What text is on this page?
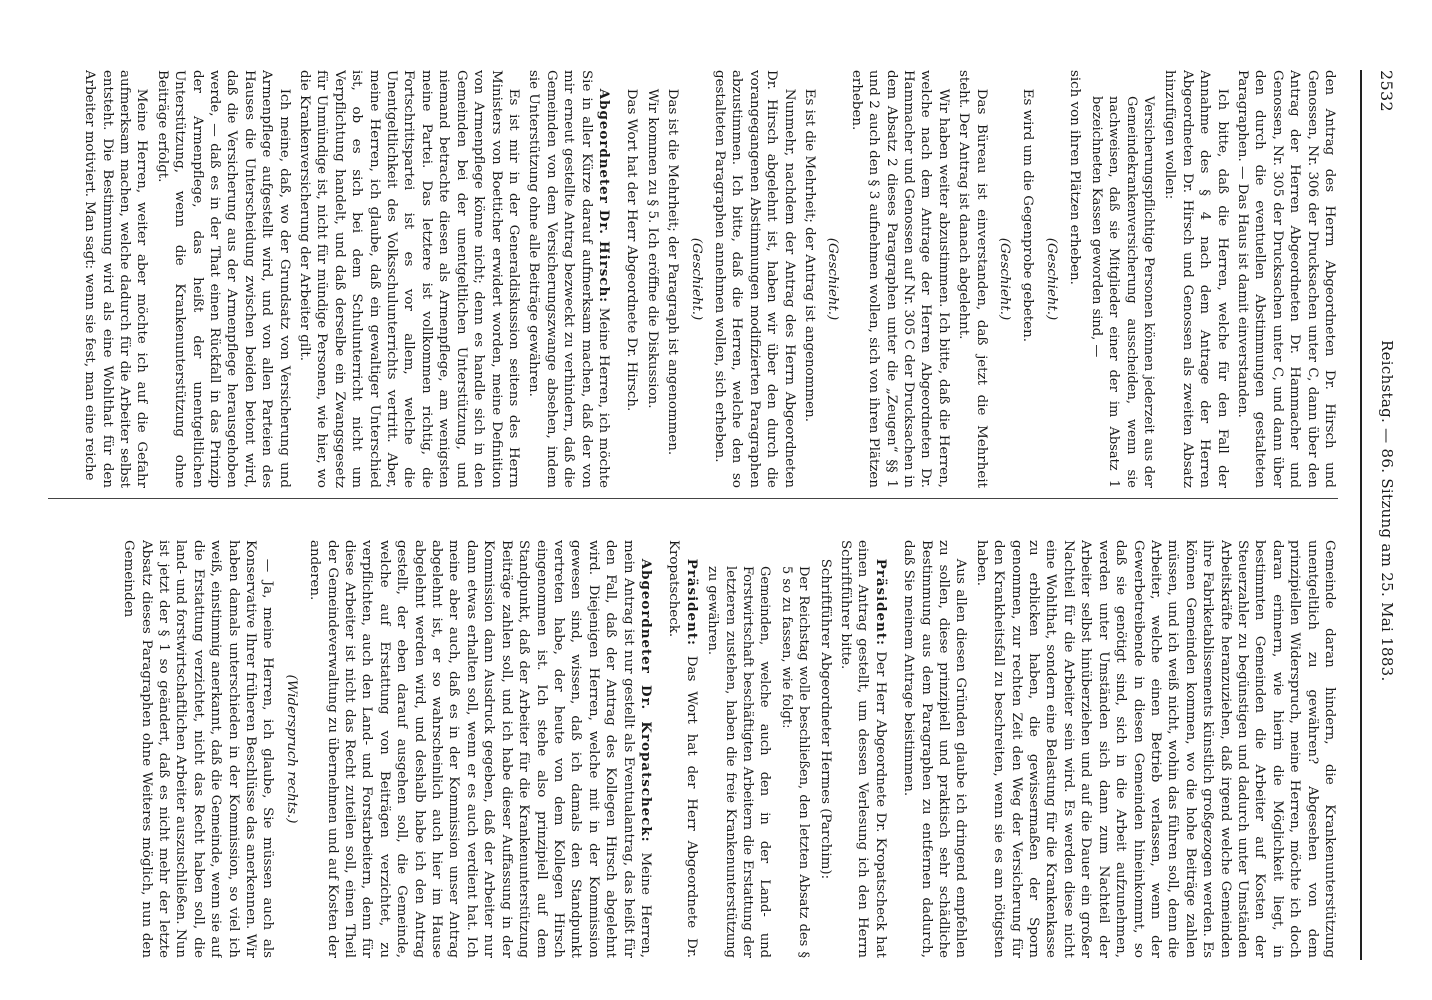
2532
Reichstag. — 86. Sitzung am 25. Mai 1883.

den Antrag des Herrn Abgeordneten Dr. Hirsch und Genossen, Nr. 306 der Drucksachen unter C, dann über den Antrag der Herren Abgeordneten Dr. Hammacher und Genossen, Nr. 305 der Drucksachen unter C, und dann über den durch die eventuellen Abstimmungen gestalteten Paragraphen. — Das Haus ist damit einverstanden.

Ich bitte, daß die Herren, welche für den Fall der Annahme des § 4 nach dem Antrage der Herren Abgeordneten Dr. Hirsch und Genossen als zweiten Absatz hinzufügen wollen:

Versicherungspflichtige Personen können jederzeit aus der Gemeindekrankenversicherung ausscheiden, wenn sie nachweisen, daß sie Mitglieder einer der im Absatz 1 bezeichneten Kassen geworden sind, —

sich von ihren Plätzen erheben.

(Geschieht.)

Es wird um die Gegenprobe gebeten.

(Geschieht.)

Das Büreau ist einverstanden, daß jetzt die Mehrheit steht. Der Antrag ist danach abgelehnt.

Wir haben weiter abzustimmen. Ich bitte, daß die Herren, welche nach dem Antrage der Herren Abgeordneten Dr. Hammacher und Genossen auf Nr. 305 C der Drucksachen in dem Absatz 2 dieses Paragraphen unter die „Zeugen“ §§ 1 und 2 auch den § 3 aufnehmen wollen, sich von ihren Plätzen erheben.

(Geschieht.)

Es ist die Mehrheit; der Antrag ist angenommen.

Nunmehr, nachdem der Antrag des Herrn Abgeordneten Dr. Hirsch abgelehnt ist, haben wir über den durch die vorangegangenen Abstimmungen modifizierten Paragraphen abzustimmen. Ich bitte, daß die Herren, welche den so gestalteten Paragraphen annehmen wollen, sich erheben.

(Geschieht.)

Das ist die Mehrheit; der Paragraph ist angenommen.

Wir kommen zu § 5. Ich eröffne die Diskussion.

Das Wort hat der Herr Abgeordnete Dr. Hirsch.

Abgeordneter Dr. Hirsch: Meine Herren, ich möchte Sie in aller Kürze darauf aufmerksam machen, daß der von mir erneut gestellte Antrag bezweckt zu verhindern, daß die Gemeinden von dem Versicherungszwange absehen, indem sie Unterstützung ohne alle Beiträge gewähren.

Es ist mir in der Generaldiskussion seitens des Herrn Ministers von Boetticher erwidert worden, meine Definition von Armenpflege könne nicht; denn es handle sich in den Gemeinden bei der unentgeltlichen Unterstützung, und niemand betrachte diesen als Armenpflege, am wenigsten meine Partei. Das letztere ist vollkommen richtig, die Fortschrittspartei ist es vor allem, welche die Unentgeltlichkeit des Volksschulunterrichts vertritt. Aber, meine Herren, ich glaube, daß ein gewaltiger Unterschied ist, ob es sich bei dem Schulunterricht nicht um Verpflichtung handelt, und daß derselbe ein Zwangsgesetz für Unmündige ist, nicht für mündige Personen, wie hier, wo die Krankenversicherung der Arbeiter gilt.

Ich meine, daß, wo der Grundsatz von Versicherung und Armenpflege aufgestellt wird, und von allen Parteien des Hauses die Unterscheidung zwischen beiden betont wird, daß die Versicherung aus der Armenpflege herausgehoben werde, — daß es in der That einen Rückfall in das Prinzip der Armenpflege, das heißt der unentgeltlichen Unterstützung, wenn die Krankenunterstützung ohne Beiträge erfolgt.

Meine Herren, weiter aber möchte ich auf die Gefahr aufmerksam machen, welche dadurch für die Arbeiter selbst entsteht. Die Bestimmung wird als eine Wohlthat für den Arbeiter motiviert. Man sagt: wenn sie fest, man eine reiche

Gemeinde daran hindern, die Krankenunterstützung unentgeltlich zu gewähren? Abgesehen von dem prinzipiellen Widerspruch, meine Herren, möchte ich doch daran erinnern, wie hierin die Möglichkeit liegt, in bestimmten Gemeinden die Arbeiter auf Kosten der Steuerzahler zu begünstigen und dadurch unter Umständen Arbeitskräfte heranzuziehen, daß irgend welche Gemeinden ihre Fabriketablissements künstlich großgezogen werden. Es können Gemeinden kommen, wo die hohe Beiträge zahlen müssen, und ich weiß nicht, wohin das führen soll, denn die Arbeiter, welche einen Betrieb verlassen, wenn der Gewerbetreibende in diesen Gemeinden hineinkommt, so daß sie genötigt sind, sich in die Arbeit aufzunehmen, werden unter Umständen sich dann zum Nachteil der Arbeiter selbst hinüberziehen und auf die Dauer ein großer Nachteil für die Arbeiter sein wird. Es werden diese nicht eine Wohlthat, sondern eine Belastung für die Krankenkasse zu erblicken haben, die gewissermaßen der Sporn genommen, zur rechten Zeit den Weg der Versicherung für den Krankheitsfall zu beschreiten, wenn sie es am nötigsten haben.

Aus allen diesen Gründen glaube ich dringend empfehlen zu sollen, diese prinzipiell und praktisch sehr schädliche Bestimmung aus dem Paragraphen zu entfernen dadurch, daß Sie meinem Antrage beistimmen.

Präsident: Der Herr Abgeordnete Dr. Kropatscheck hat einen Antrag gestellt, um dessen Verlesung ich den Herrn Schriftführer bitte.

Schriftführer Abgeordneter Hermes (Parchim):

Der Reichstag wolle beschließen, den letzten Absatz des § 5 so zu fassen, wie folgt:

Gemeinden, welche auch den in der Land- und Forstwirtschaft beschäftigten Arbeitern die Erstattung der letzteren zustehen, haben die freie Krankenunterstützung zu gewähren.

Präsident: Das Wort hat der Herr Abgeordnete Dr. Kropatscheck.

Abgeordneter Dr. Kropatscheck: Meine Herren, mein Antrag ist nur gestellt als Eventualantrag, das heißt für den Fall, daß der Antrag des Kollegen Hirsch abgelehnt wird. Diejenigen Herren, welche mit in der Kommission gewesen sind, wissen, daß ich damals den Standpunkt vertreten habe, der heute von dem Kollegen Hirsch eingenommen ist. Ich stehe also prinzipiell auf dem Standpunkt, daß der Arbeiter für die Krankenunterstützung Beiträge zahlen soll, und ich habe dieser Auffassung in der Kommission dann Ausdruck gegeben, daß der Arbeiter nur dann etwas erhalten soll, wenn er es auch verdient hat. Ich meine aber auch, daß es in der Kommission unser Antrag abgelehnt ist, er so wahrscheinlich auch hier im Hause abgelehnt werden wird, und deshalb habe ich den Antrag gestellt, der eben darauf ausgehen soll, die Gemeinde, welche auf Erstattung von Beiträgen verzichtet, zu verpflichten, auch den Land- und Forstarbeitern, denn für diese Arbeiter ist nicht das Recht zuteilen soll, einen Theil der Gemeindeverwaltung zu übernehmen und auf Kosten der anderen.

(Widerspruch rechts.)

— Ja, meine Herren, ich glaube, Sie müssen auch als Konservative Ihrer früheren Beschlüsse das anerkennen. Wir haben damals unterschieden in der Kommission, so viel ich weiß, einstimmig anerkannt, daß die Gemeinde, wenn sie auf die Erstattung verzichtet, nicht das Recht haben soll, die land- und forstwirtschaftlichen Arbeiter auszuschließen. Nun ist jetzt der § 1 so geändert, daß es nicht mehr der letzte Absatz dieses Paragraphen ohne Weiteres möglich, nun den Gemeinden
